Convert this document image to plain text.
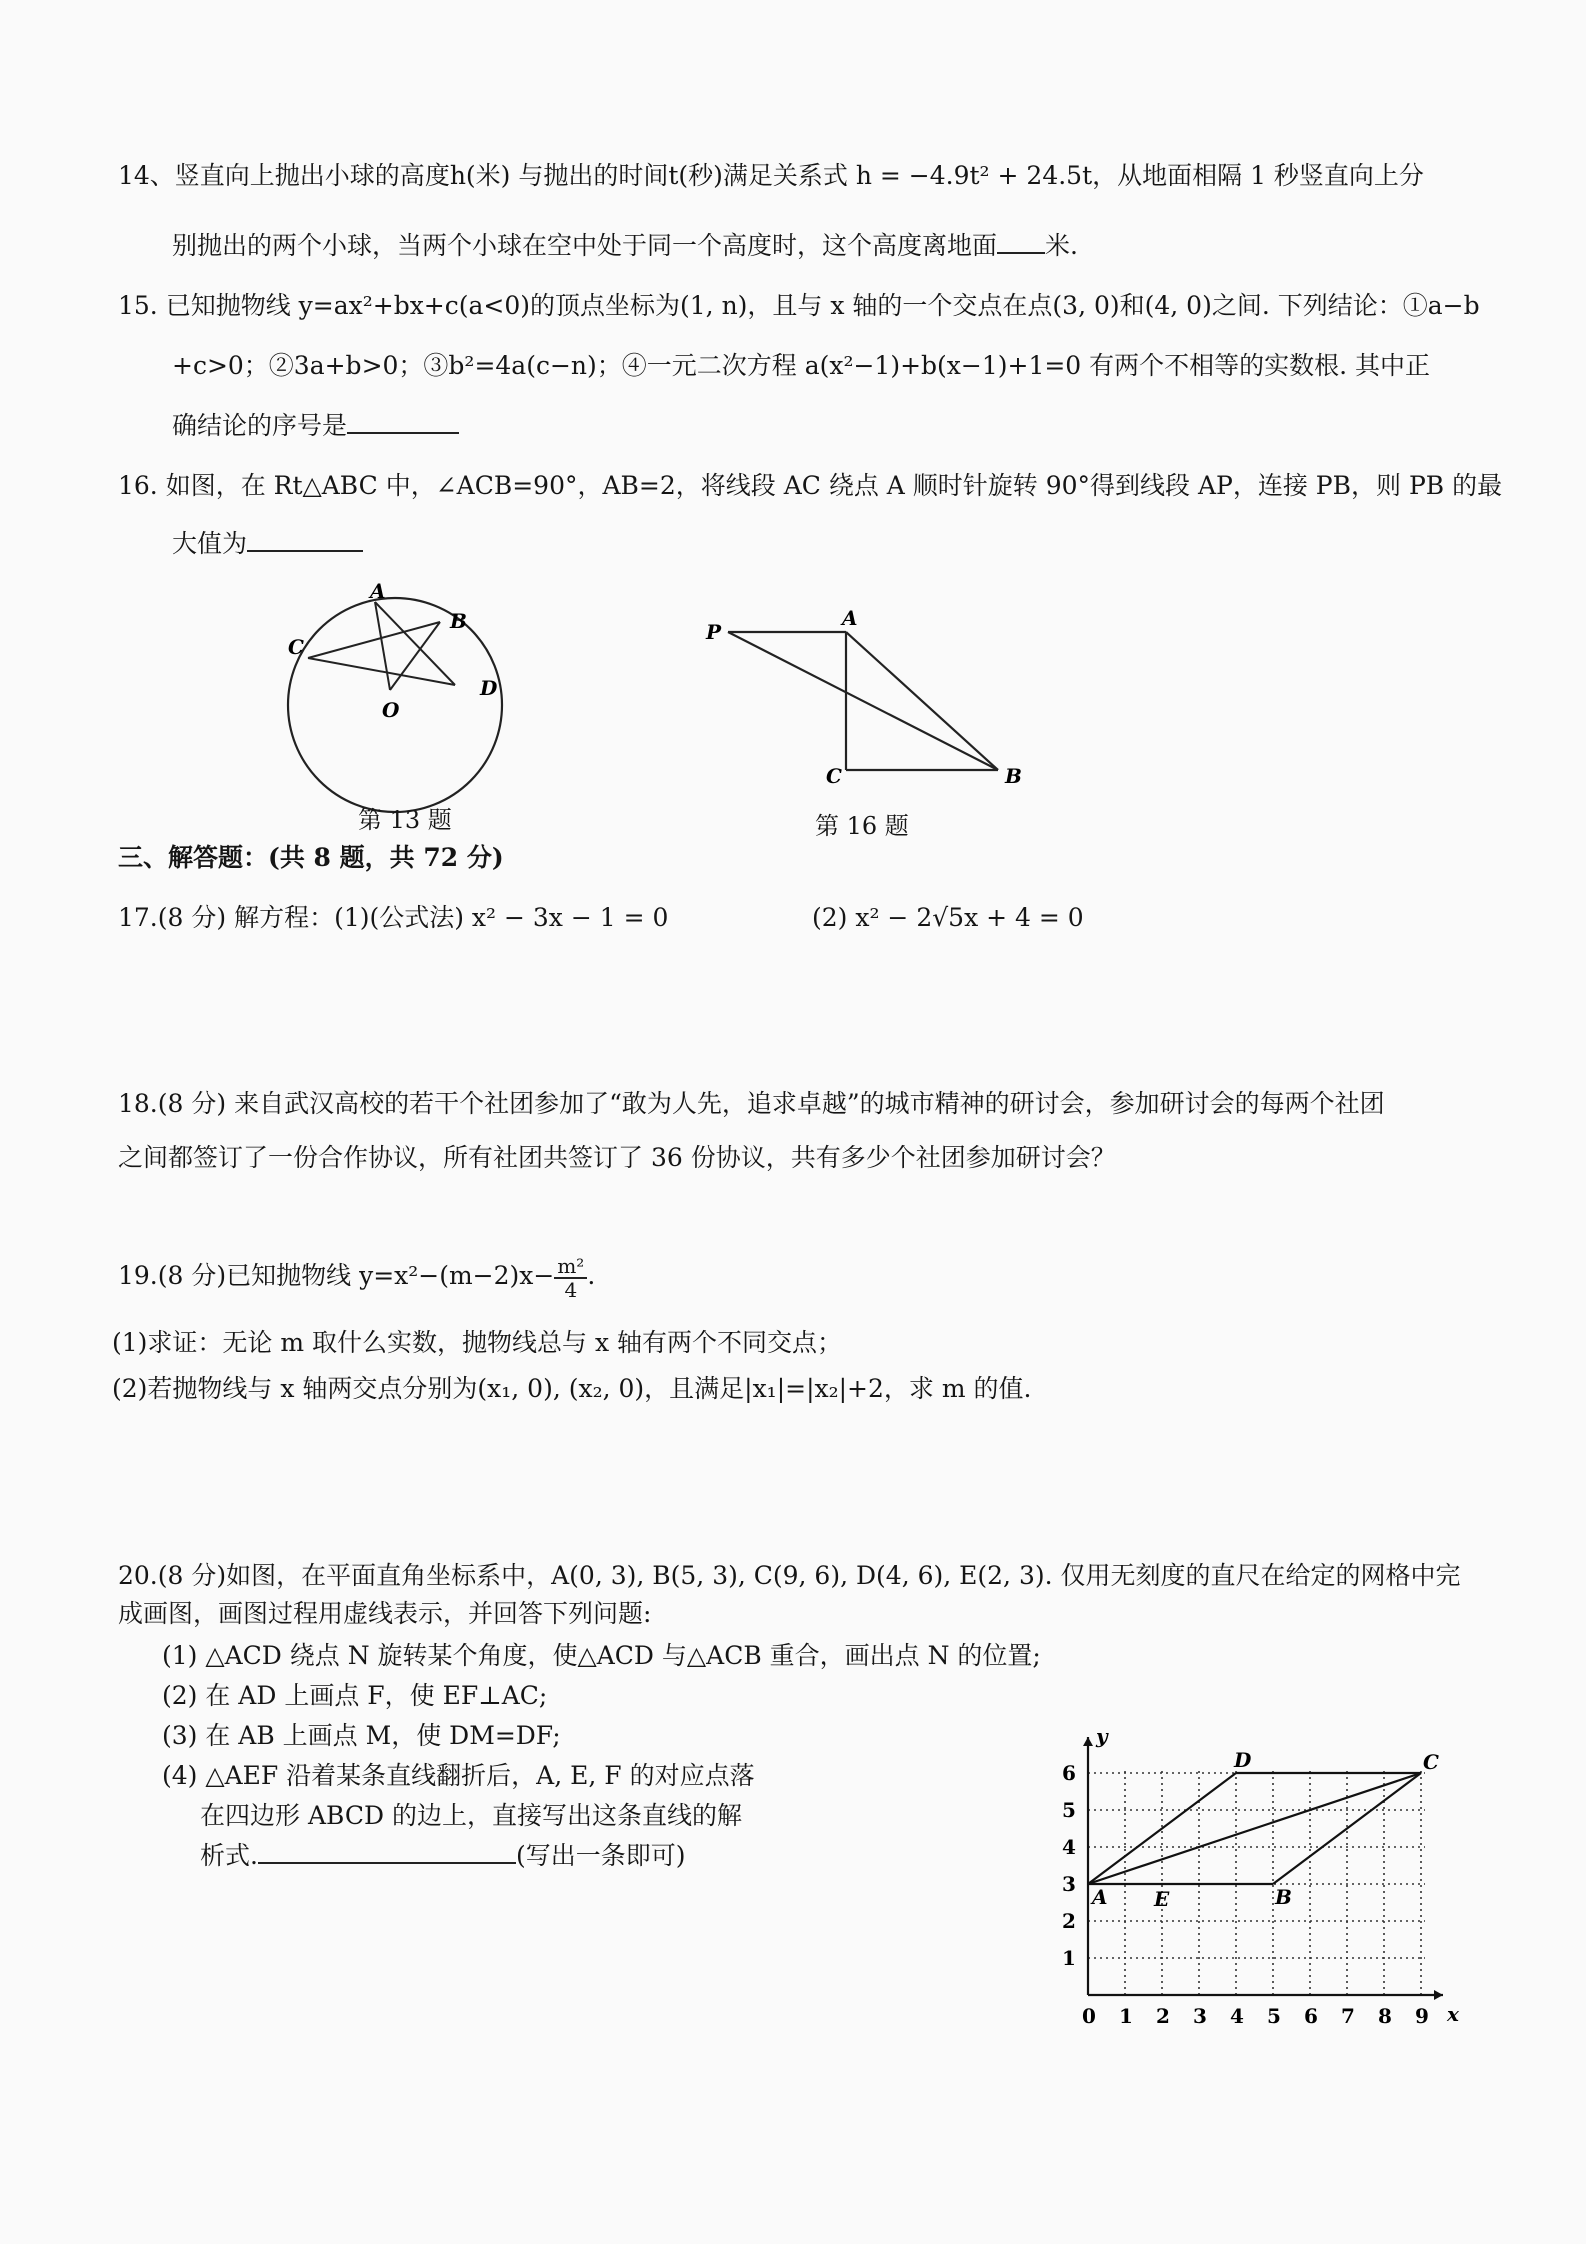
14、竖直向上抛出小球的高度h(米) 与抛出的时间t(秒)满足关系式 h = −4.9t² + 24.5t，从地面相隔 1 秒竖直向上分
别抛出的两个小球，当两个小球在空中处于同一个高度时，这个高度离地面 米.
15. 已知抛物线 y=ax²+bx+c(a<0)的顶点坐标为(1, n)，且与 x 轴的一个交点在点(3, 0)和(4, 0)之间. 下列结论：①a−b
+c>0；②3a+b>0；③b²=4a(c−n)；④一元二次方程 a(x²−1)+b(x−1)+1=0 有两个不相等的实数根. 其中正
确结论的序号是
16. 如图，在 Rt△ABC 中，∠ACB=90°，AB=2，将线段 AC 绕点 A 顺时针旋转 90°得到线段 AP，连接 PB，则 PB 的最
大值为
A
B
C
D
O
第 13 题
P
A
C	B
第 16 题
三、解答题：(共 8 题，共 72 分)
17.(8 分) 解方程：(1)(公式法) x² − 3x − 1 = 0	(2) x² − 2√5x + 4 = 0
18.(8 分) 来自武汉高校的若干个社团参加了“敢为人先，追求卓越”的城市精神的研讨会，参加研讨会的每两个社团
之间都签订了一份合作协议，所有社团共签订了 36 份协议，共有多少个社团参加研讨会？
19.(8 分)已知抛物线 $y=x^2-(m-2)x- \frac{\text{m²}}{4}$ .
(1)求证：无论 m 取什么实数，抛物线总与 x 轴有两个不同交点；
(2)若抛物线与 x 轴两交点分别为(x₁, 0), (x₂, 0)，且满足|x₁|=|x₂|+2，求 m 的值.
20.(8 分)如图，在平面直角坐标系中，A(0, 3), B(5, 3), C(9, 6), D(4, 6), E(2, 3). 仅用无刻度的直尺在给定的网格中完
成画图，画图过程用虚线表示，并回答下列问题:
(1) △ACD 绕点 N 旋转某个角度，使△ACD 与△ACB 重合，画出点 N 的位置;
(2) 在 AD 上画点 F，使 EF⊥AC;
(3) 在 AB 上画点 M，使 DM=DF;
(4) △AEF 沿着某条直线翻折后，A, E, F 的对应点落
在四边形 ABCD 的边上，直接写出这条直线的解
析式.	(写出一条即可)
x
y
0 1 2 3 4 5 6 7 8 9
1
2
3
4
5
6
A	B
C
D
E
